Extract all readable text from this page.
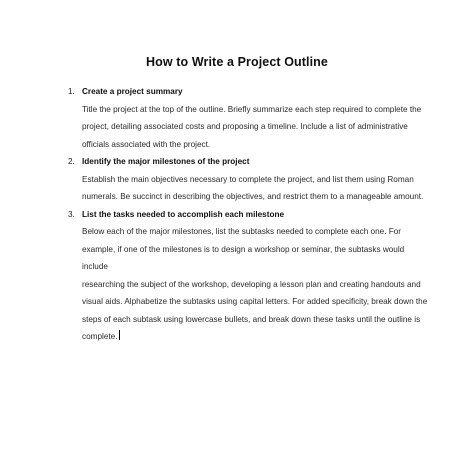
How to Write a Project Outline
1. Create a project summary
Title the project at the top of the outline. Briefly summarize each step required to complete the
project, detailing associated costs and proposing a timeline. Include a list of administrative
officials associated with the project.
2. Identify the major milestones of the project
Establish the main objectives necessary to complete the project, and list them using Roman
numerals. Be succinct in describing the objectives, and restrict them to a manageable amount.
3. List the tasks needed to accomplish each milestone
Below each of the major milestones, list the subtasks needed to complete each one. For
example, if one of the milestones is to design a workshop or seminar, the subtasks would include
researching the subject of the workshop, developing a lesson plan and creating handouts and
visual aids. Alphabetize the subtasks using capital letters. For added specificity, break down the
steps of each subtask using lowercase bullets, and break down these tasks until the outline is
complete.
